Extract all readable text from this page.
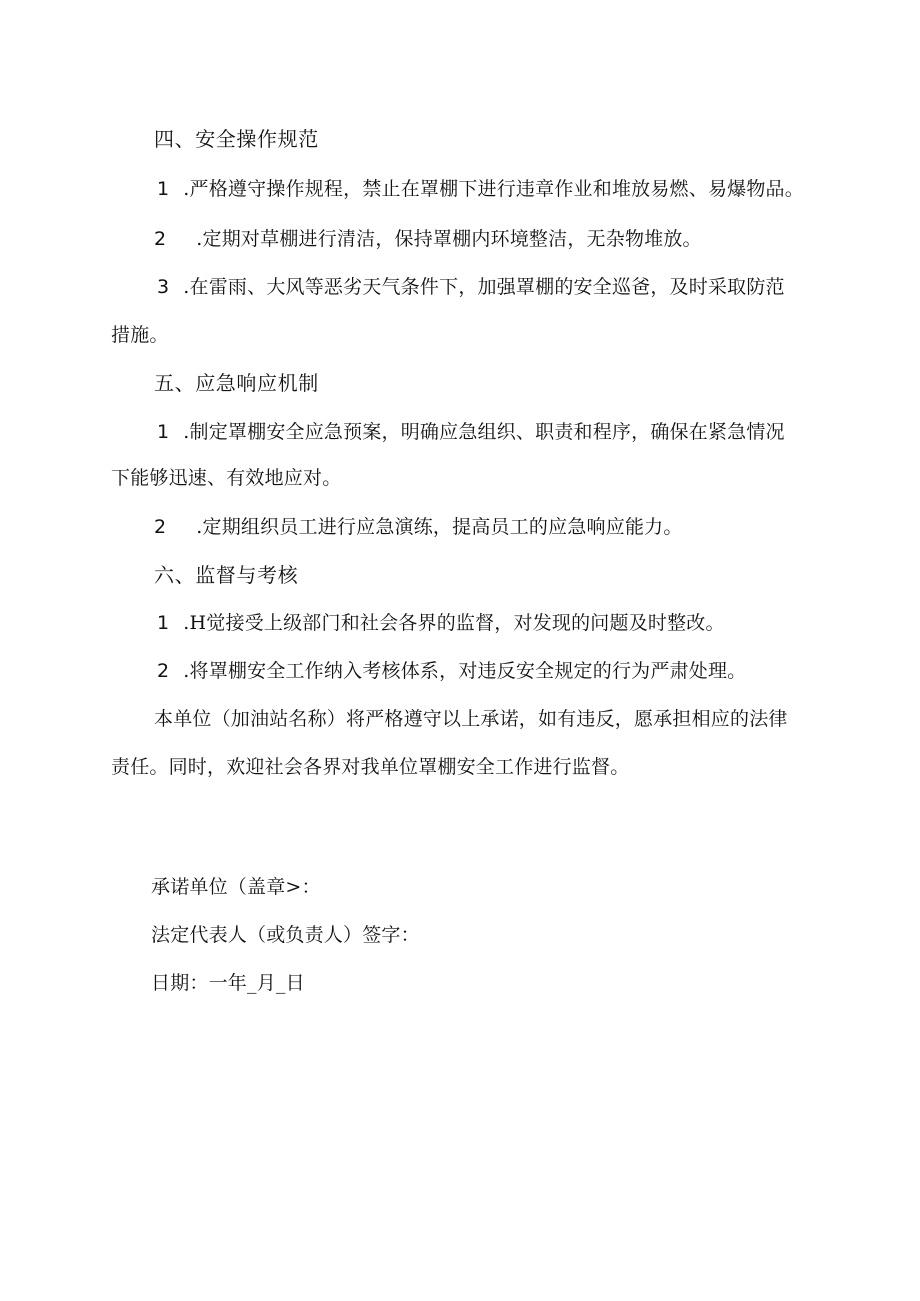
四、安全操作规范
1 .严格遵守操作规程，禁止在罩棚下进行违章作业和堆放易燃、易爆物品。
2 .定期对草棚进行清洁，保持罩棚内环境整洁，无杂物堆放。
3 .在雷雨、大风等恶劣天气条件下，加强罩棚的安全巡爸，及时采取防范
措施。
五、应急响应机制
1 .制定罩棚安全应急预案，明确应急组织、职责和程序，确保在紧急情况
下能够迅速、有效地应对。
2 .定期组织员工进行应急演练，提高员工的应急响应能力。
六、监督与考核
1 .H觉接受上级部门和社会各界的监督，对发现的问题及时整改。
2 .将罩棚安全工作纳入考核体系，对违反安全规定的行为严肃处理。
本单位（加油站名称）将严格遵守以上承诺，如有违反，愿承担相应的法律
责任。同时，欢迎社会各界对我单位罩棚安全工作进行监督。
承诺单位（盖章>：
法定代表人（或负责人）签字：
日期：一年_月_日
